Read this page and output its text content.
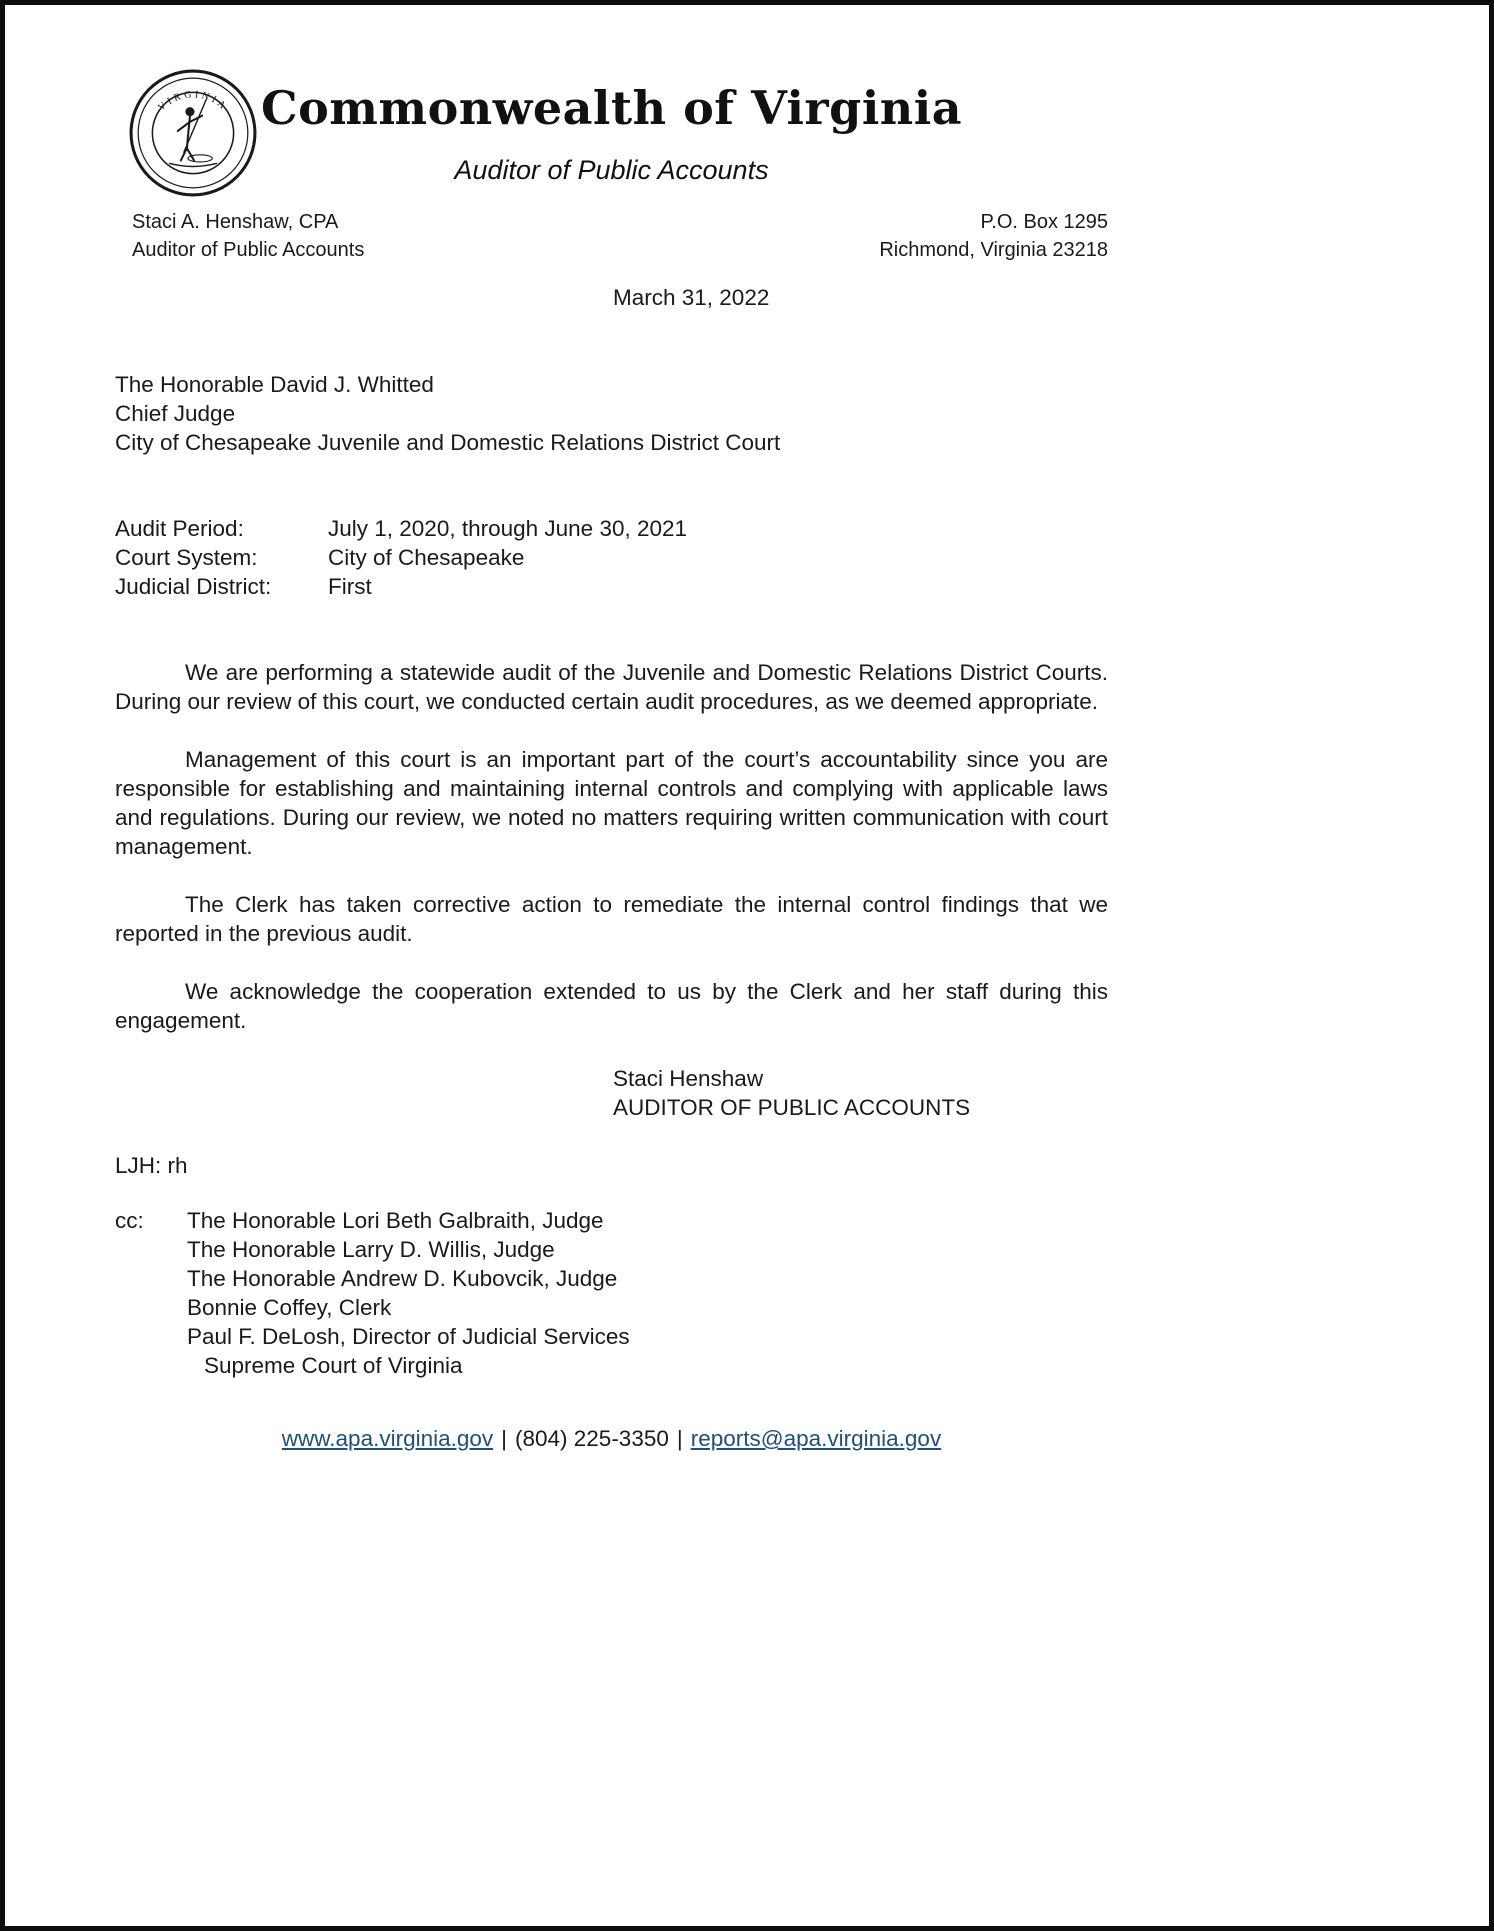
VIRGINIA Commonwealth of Virginia
Auditor of Public Accounts
Staci A. Henshaw, CPA
Auditor of Public Accounts
P.O. Box 1295
Richmond, Virginia 23218
March 31, 2022
The Honorable David J. Whitted
Chief Judge
City of Chesapeake Juvenile and Domestic Relations District Court
Audit Period:	July 1, 2020, through June 30, 2021
Court System:	City of Chesapeake
Judicial District:	First

We are performing a statewide audit of the Juvenile and Domestic Relations District Courts. During our review of this court, we conducted certain audit procedures, as we deemed appropriate.

Management of this court is an important part of the court’s accountability since you are responsible for establishing and maintaining internal controls and complying with applicable laws and regulations. During our review, we noted no matters requiring written communication with court management.

The Clerk has taken corrective action to remediate the internal control findings that we reported in the previous audit.

We acknowledge the cooperation extended to us by the Clerk and her staff during this engagement.

Staci Henshaw
AUDITOR OF PUBLIC ACCOUNTS
LJH: rh
cc:	The Honorable Lori Beth Galbraith, Judge
The Honorable Larry D. Willis, Judge
The Honorable Andrew D. Kubovcik, Judge
Bonnie Coffey, Clerk
Paul F. DeLosh, Director of Judicial Services
Supreme Court of Virginia
www.apa.virginia.gov | (804) 225-3350 | reports@apa.virginia.gov
